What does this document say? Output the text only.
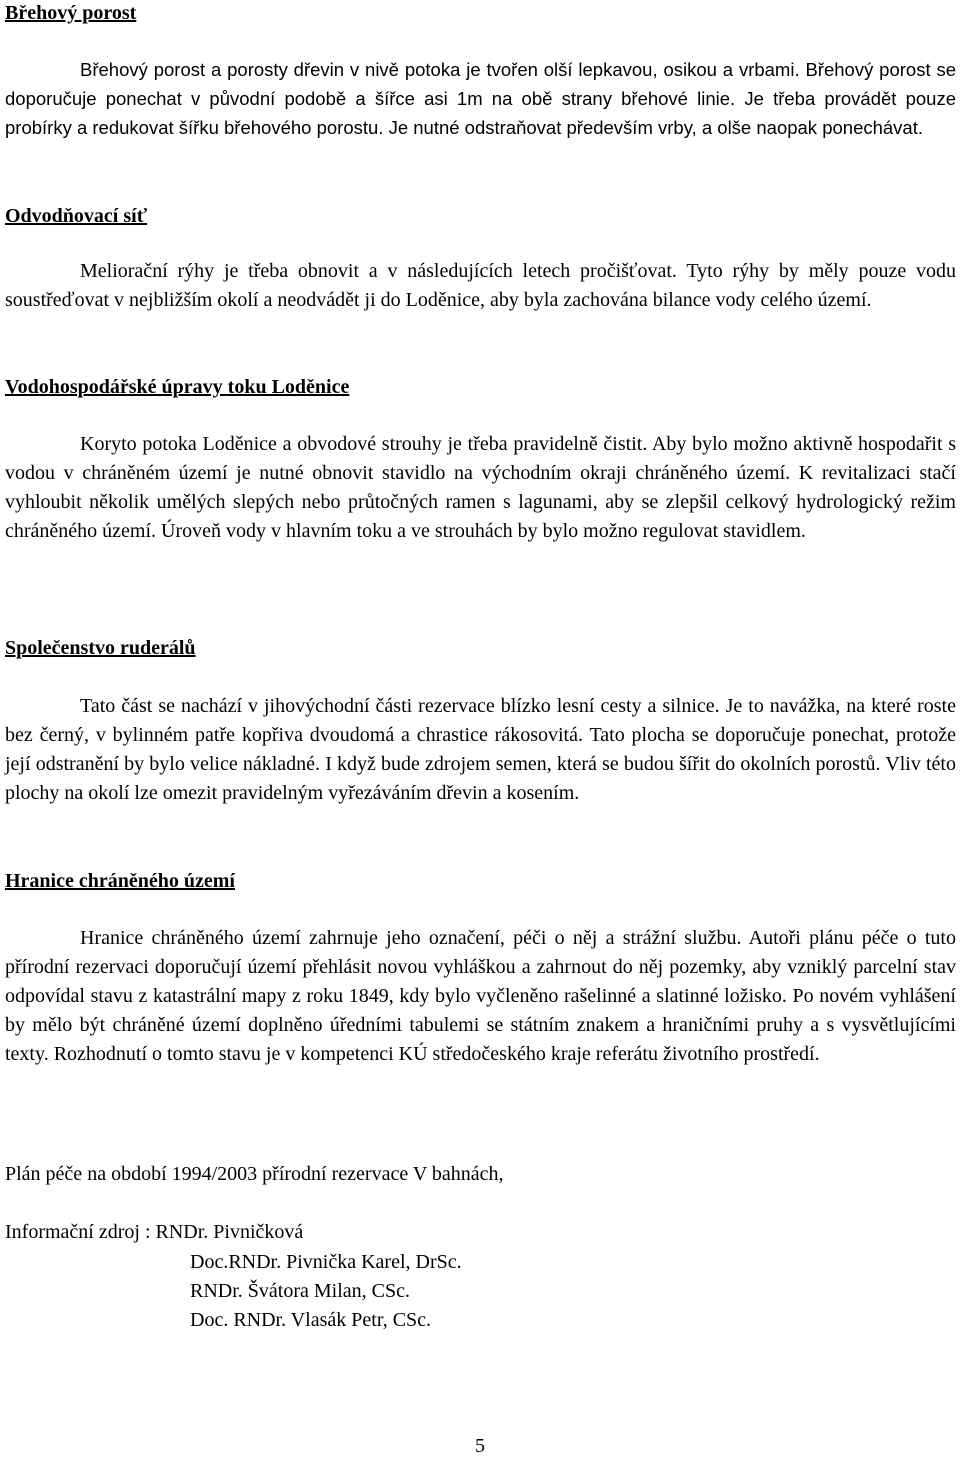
Břehový porost
Břehový porost a porosty dřevin v nivě potoka je tvořen olší lepkavou, osikou a vrbami. Břehový porost se doporučuje ponechat v původní podobě a šířce asi 1m na obě strany břehové linie. Je třeba provádět pouze probírky a redukovat šířku břehového porostu. Je nutné odstraňovat především vrby, a olše naopak ponechávat.
Odvodňovací síť
Meliorační rýhy je třeba obnovit a v následujících letech pročišťovat. Tyto rýhy by měly pouze vodu soustřeďovat v nejbližším okolí a neodvádět ji do Loděnice, aby byla zachována bilance vody celého území.
Vodohospodářské úpravy toku Loděnice
Koryto potoka Loděnice a obvodové strouhy je třeba pravidelně čistit. Aby bylo možno aktivně hospodařit s vodou v chráněném území je nutné obnovit stavidlo na východním okraji chráněného území. K revitalizaci stačí vyhloubit několik umělých slepých nebo průtočných ramen s lagunami, aby se zlepšil celkový hydrologický režim chráněného území. Úroveň vody v hlavním toku a ve strouhách by bylo možno regulovat stavidlem.
Společenstvo ruderálů
Tato část se nachází v jihovýchodní části rezervace blízko lesní cesty a silnice. Je to navážka, na které roste bez černý, v bylinném patře kopřiva dvoudomá a chrastice rákosovitá. Tato plocha se doporučuje ponechat, protože její odstranění by bylo velice nákladné. I když bude zdrojem semen, která se budou šířit do okolních porostů. Vliv této plochy na okolí lze omezit pravidelným vyřezáváním dřevin a kosením.
Hranice chráněného území
Hranice chráněného území zahrnuje jeho označení, péči o něj a strážní službu. Autoři plánu péče o tuto přírodní rezervaci doporučují území přehlásit novou vyhláškou a zahrnout do něj pozemky, aby vzniklý parcelní stav odpovídal stavu z katastrální mapy z roku 1849, kdy bylo vyčleněno rašelinné a slatinné ložisko. Po novém vyhlášení by mělo být chráněné území doplněno úředními tabulemi se státním znakem a hraničními pruhy a s vysvětlujícími texty. Rozhodnutí o tomto stavu je v kompetenci KÚ středočeského kraje referátu životního prostředí.
Plán péče na období 1994/2003 přírodní rezervace V bahnách,
Informační zdroj : RNDr. Pivničková
Doc.RNDr. Pivnička Karel, DrSc.
RNDr. Švátora Milan, CSc.
Doc. RNDr. Vlasák Petr, CSc.
5
